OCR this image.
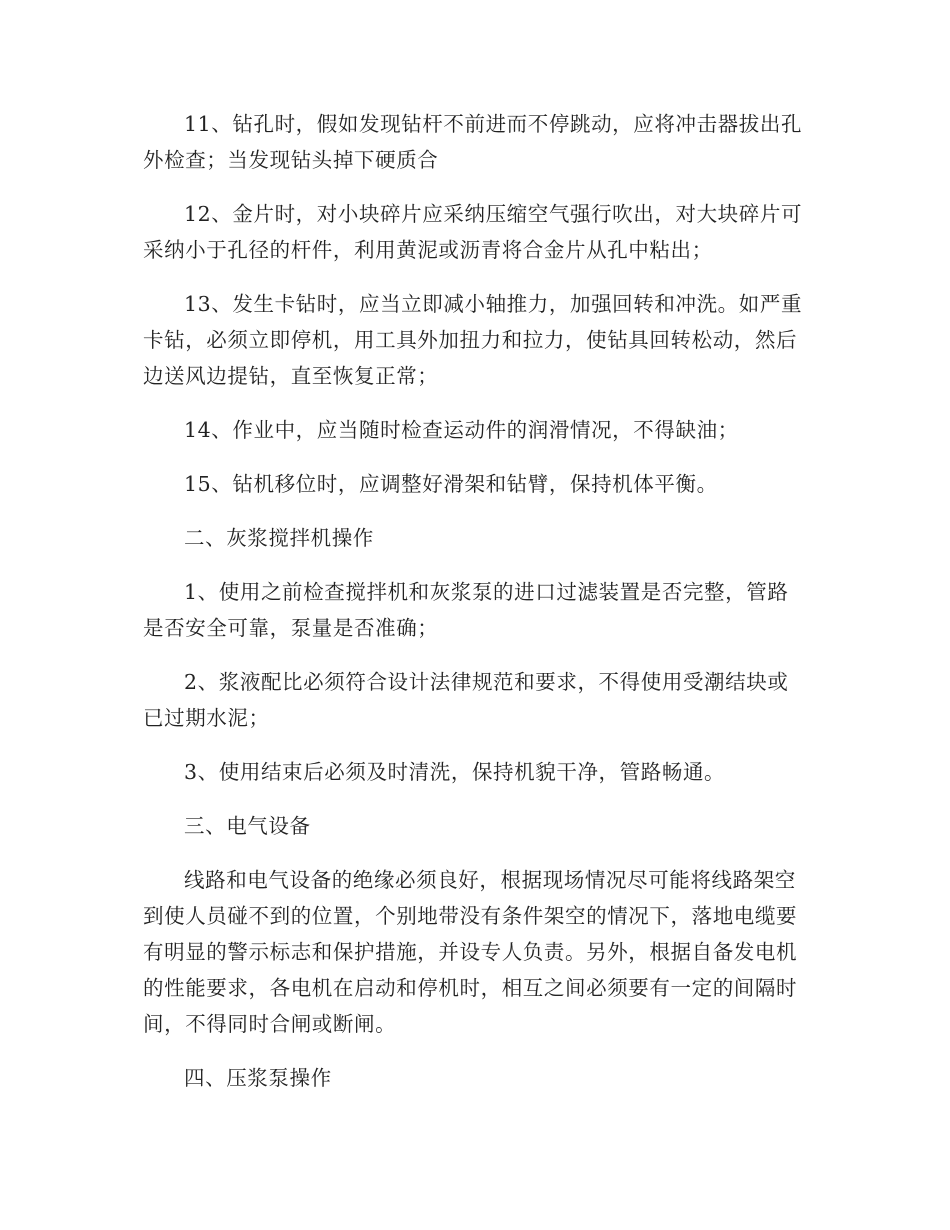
11、钻孔时，假如发现钻杆不前进而不停跳动，应将冲击器拔出孔外检查；当发现钻头掉下硬质合

12、金片时，对小块碎片应采纳压缩空气强行吹出，对大块碎片可采纳小于孔径的杆件，利用黄泥或沥青将合金片从孔中粘出；

13、发生卡钻时，应当立即减小轴推力，加强回转和冲洗。如严重卡钻，必须立即停机，用工具外加扭力和拉力，使钻具回转松动，然后边送风边提钻，直至恢复正常；

14、作业中，应当随时检查运动件的润滑情况，不得缺油；

15、钻机移位时，应调整好滑架和钻臂，保持机体平衡。

二、灰浆搅拌机操作

1、使用之前检查搅拌机和灰浆泵的进口过滤装置是否完整，管路是否安全可靠，泵量是否准确；

2、浆液配比必须符合设计法律规范和要求，不得使用受潮结块或已过期水泥；

3、使用结束后必须及时清洗，保持机貌干净，管路畅通。

三、电气设备

线路和电气设备的绝缘必须良好，根据现场情况尽可能将线路架空到使人员碰不到的位置，个别地带没有条件架空的情况下，落地电缆要有明显的警示标志和保护措施，并设专人负责。另外，根据自备发电机的性能要求，各电机在启动和停机时，相互之间必须要有一定的间隔时间，不得同时合闸或断闸。

四、压浆泵操作
